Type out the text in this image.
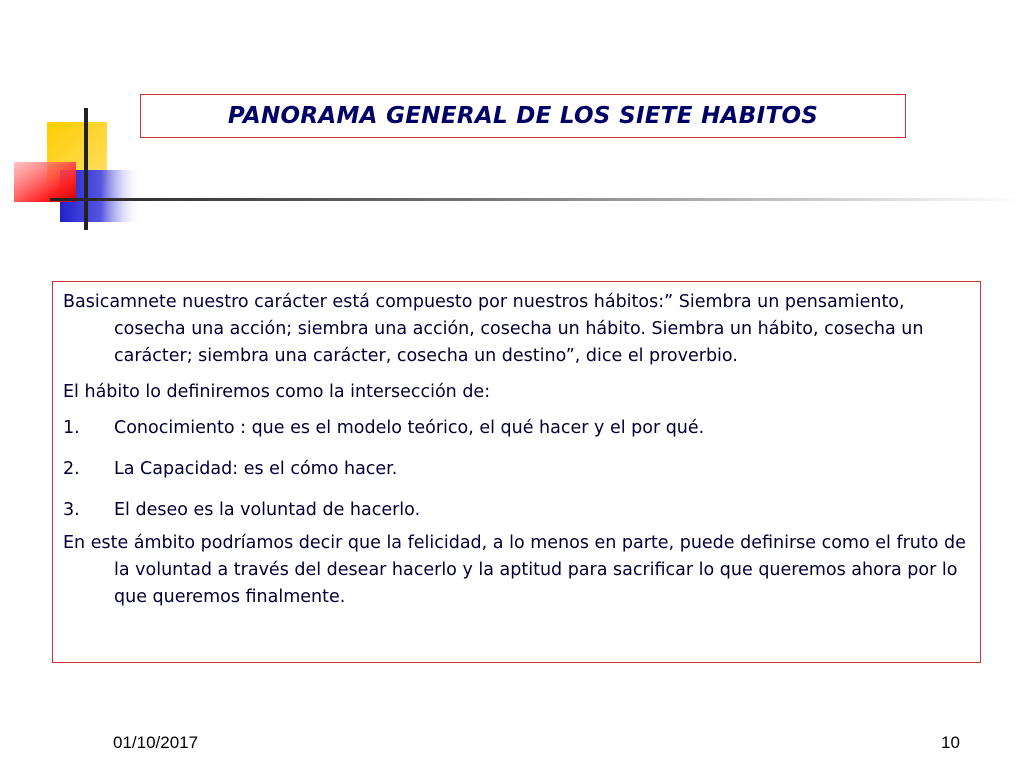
PANORAMA GENERAL DE LOS SIETE HABITOS

Basicamnete nuestro carácter está compuesto por nuestros hábitos:” Siembra un pensamiento, cosecha una acción; siembra una acción, cosecha un hábito. Siembra un hábito, cosecha un carácter; siembra una carácter, cosecha un destino”, dice el proverbio.

El hábito lo definiremos como la intersección de:

1.	Conocimiento : que es el modelo teórico, el qué hacer y el por qué.
2.	La Capacidad: es el cómo hacer.
3.	El deseo es la voluntad de hacerlo.

En este ámbito podríamos decir que la felicidad, a lo menos en parte, puede definirse como el fruto de la voluntad a través del desear hacerlo y la aptitud para sacrificar lo que queremos ahora por lo que queremos finalmente.

01/10/2017	10
